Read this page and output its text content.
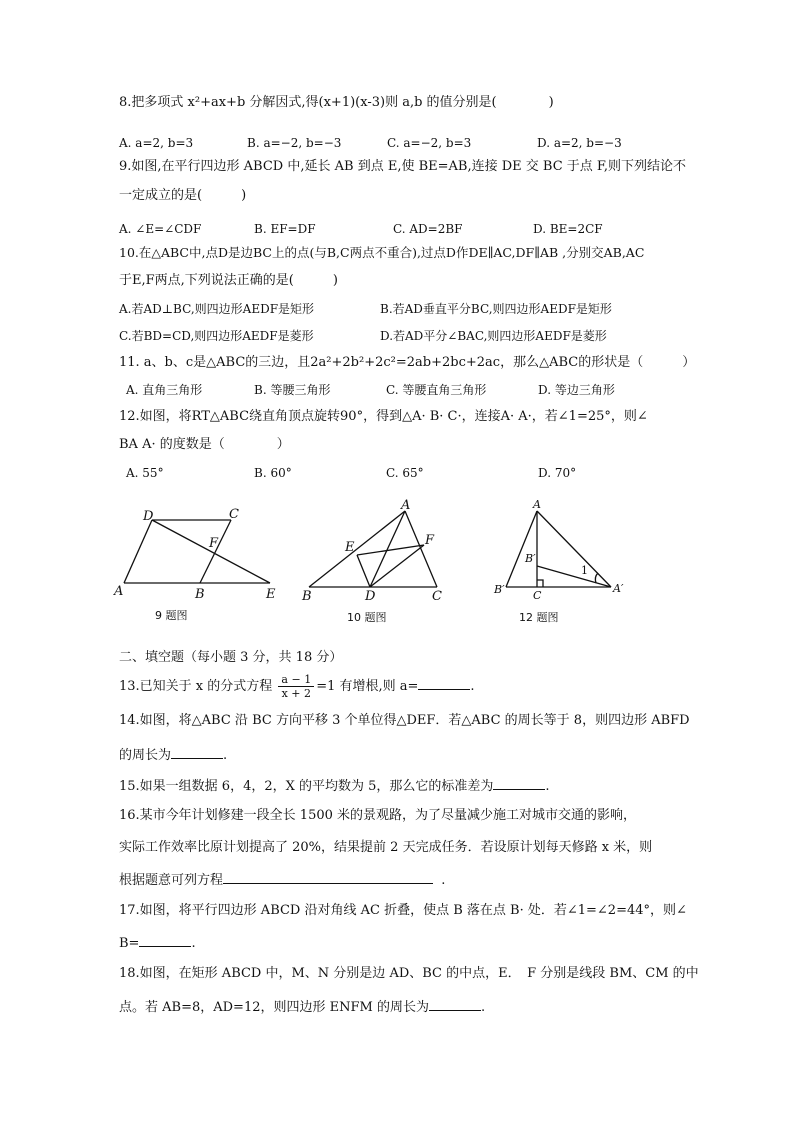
8.把多项式 x²+ax+b 分解因式,得(x+1)(x-3)则 a,b 的值分别是(　　　　)
A. a=2, b=3	B. a=−2, b=−3	C. a=−2, b=3	D. a=2, b=−3
9.如图,在平行四边形 ABCD 中,延长 AB 到点 E,使 BE=AB,连接 DE 交 BC 于点 F,则下列结论不
一定成立的是(　　　)
A. ∠E=∠CDF	B. EF=DF	C. AD=2BF	D. BE=2CF
10.在△ABC中,点D是边BC上的点(与B,C两点不重合),过点D作DE∥AC,DF∥AB ,分别交AB,AC
于E,F两点,下列说法正确的是(　　　)
A.若AD⊥BC,则四边形AEDF是矩形	B.若AD垂直平分BC,则四边形AEDF是矩形
C.若BD=CD,则四边形AEDF是菱形	D.若AD平分∠BAC,则四边形AEDF是菱形
11. a、b、c是△ABC的三边，且2a²+2b²+2c²=2ab+2bc+2ac，那么△ABC的形状是（　　　）
A. 直角三角形	B. 等腰三角形	C. 等腰直角三角形	D. 等边三角形
12.如图，将RT△ABC绕直角顶点旋转90°，得到△A· B· C·，连接A· A·，若∠1=25°，则∠
BA A· 的度数是（　　　　）
A. 55°	B. 60°	C. 65°	D. 70°
D	C
F
A	B	E
9 题图
A
E	F
B	D	C
10 题图
A
B′
1
B′	C
A′
12 题图
二、填空题（每小题 3 分，共 18 分）
13.已知关于 x 的分式方程 $\frac{a - 1}{x + 2} =1$ 有增根,则 a=	.
14.如图，将△ABC 沿 BC 方向平移 3 个单位得△DEF．若△ABC 的周长等于 8，则四边形 ABFD
的周长为	.
15.如果一组数据 6，4，2，X 的平均数为 5，那么它的标准差为	.
16.某市今年计划修建一段全长 1500 米的景观路，为了尽量减少施工对城市交通的影响，
实际工作效率比原计划提高了 20%，结果提前 2 天完成任务．若设原计划每天修路 x 米，则
根据题意可列方程	.
17.如图，将平行四边形 ABCD 沿对角线 AC 折叠，使点 B 落在点 B· 处．若∠1=∠2=44°，则∠
B=	.
18.如图，在矩形 ABCD 中，M、N 分别是边 AD、BC 的中点，E．　F 分别是线段 BM、CM 的中
点。若 AB=8，AD=12，则四边形 ENFM 的周长为	.
